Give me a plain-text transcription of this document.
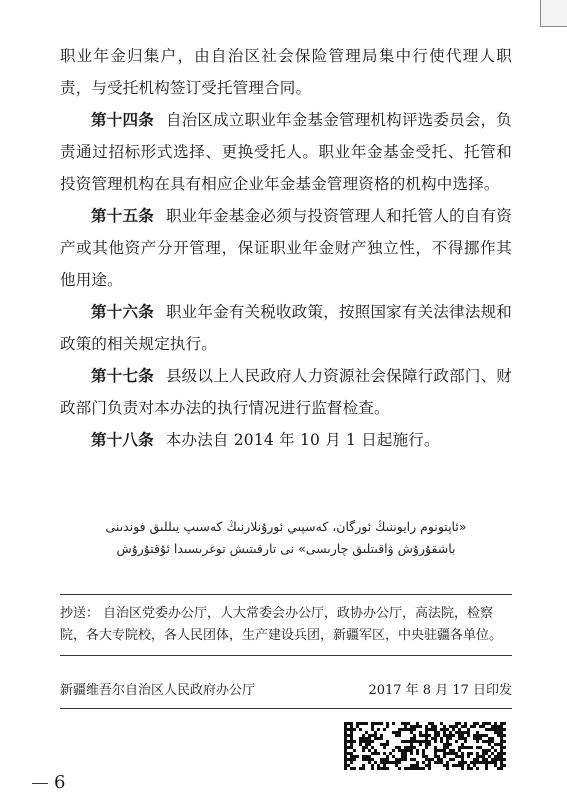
职业年金归集户，由自治区社会保险管理局集中行使代理人职责，与受托机构签订受托管理合同。

第十四条 自治区成立职业年金基金管理机构评选委员会，负责通过招标形式选择、更换受托人。职业年金基金受托、托管和投资管理机构在具有相应企业年金基金管理资格的机构中选择。

第十五条 职业年金基金必须与投资管理人和托管人的自有资产或其他资产分开管理，保证职业年金财产独立性，不得挪作其他用途。

第十六条 职业年金有关税收政策，按照国家有关法律法规和政策的相关规定执行。

第十七条 县级以上人民政府人力资源社会保障行政部门、财政部门负责对本办法的执行情况进行监督检查。

第十八条 本办法自 2014 年 10 月 1 日起施行。

«ئاپتونوم رايوننىڭ ئورگان، كەسپىي ئورۇنلارنىڭ كەسىپ يىللىق فوندىنى
باشقۇرۇش ۋاقىتلىق چارىسى» نى تارقىتىش توغرىسىدا ئۇقتۇرۇش
抄送： 自治区党委办公厅，人大常委会办公厅，政协办公厅，高法院，检察院，各大专院校，各人民团体，生产建设兵团，新疆军区，中央驻疆各单位。
新疆维吾尔自治区人民政府办公厅	2017 年 8 月 17 日印发
6
